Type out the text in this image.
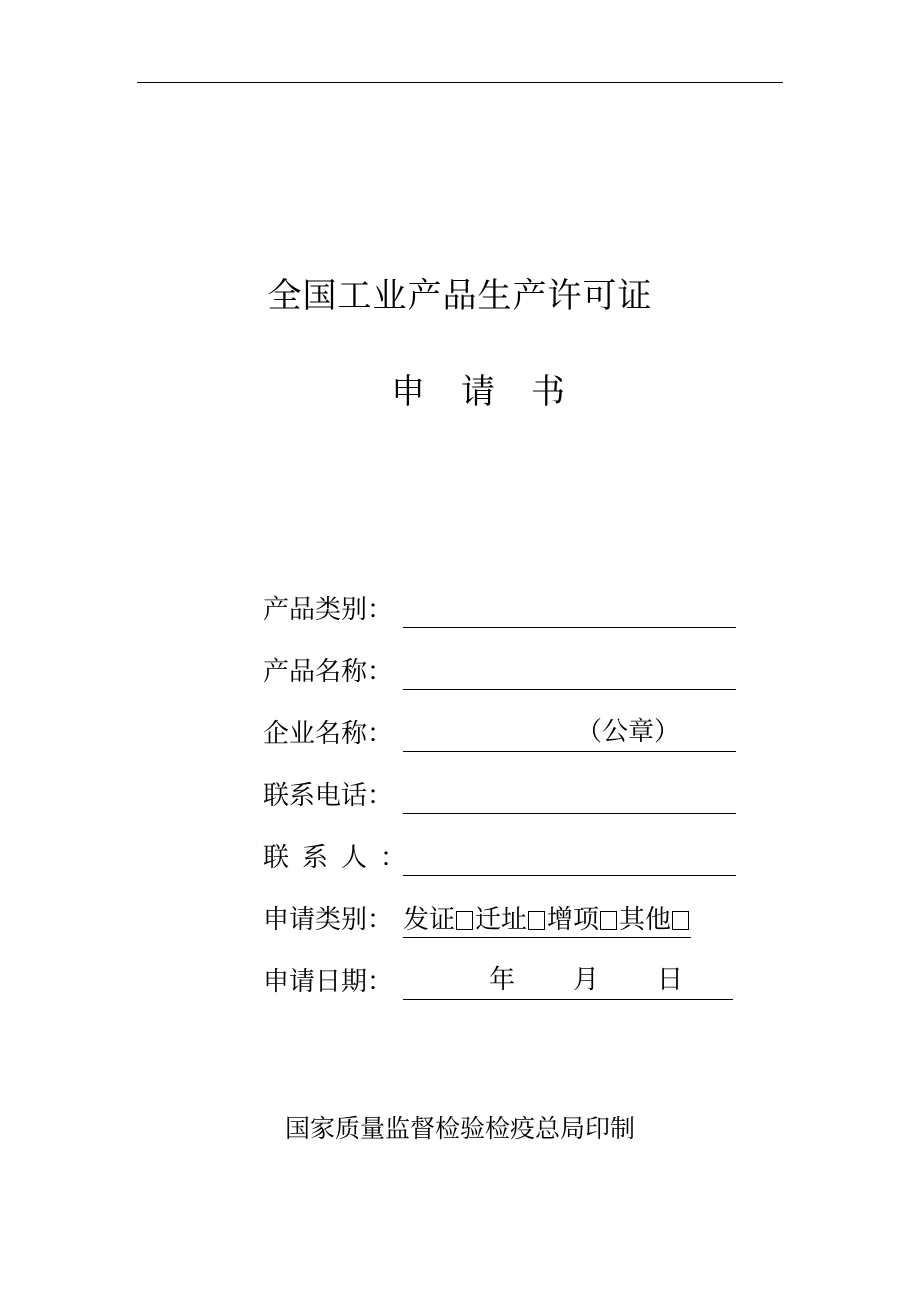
全国工业产品生产许可证
申请书
产品类别：
产品名称：
企业名称：	（公章）
联系电话：
联系人：
申请类别： 发证 迁址 增项 其他
申请日期：	年 月 日
国家质量监督检验检疫总局印制
